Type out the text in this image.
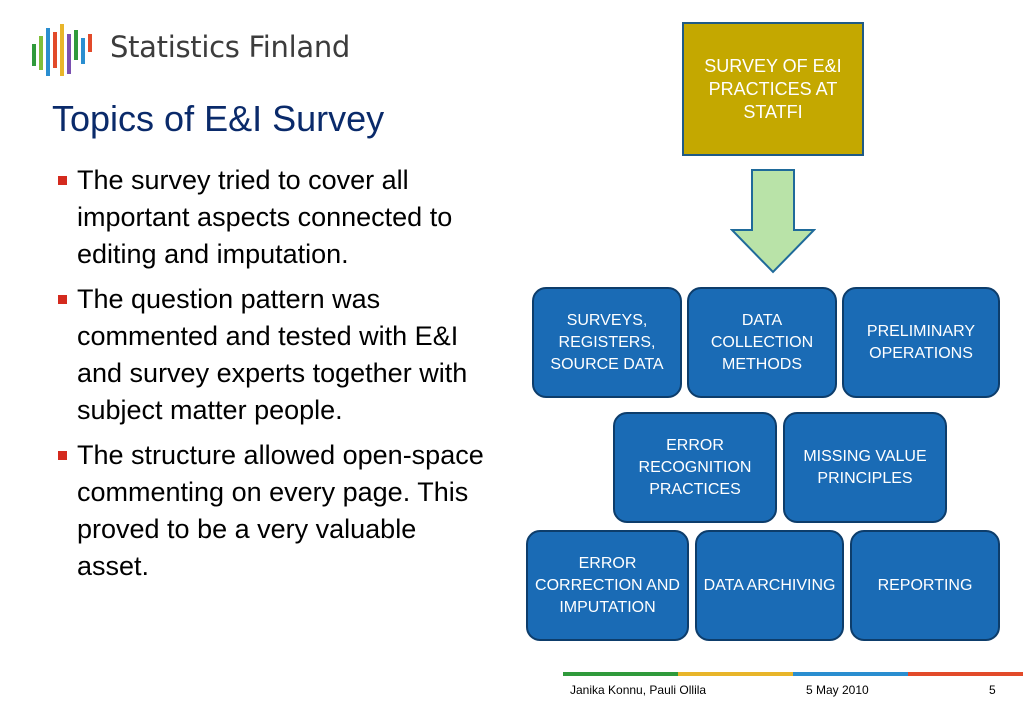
Statistics Finland
Topics of E&I Survey
The survey tried to cover all important aspects connected to editing and imputation.
The question pattern was commented and tested with E&I and survey experts together with subject matter people.
The structure allowed open-space commenting on every page. This proved to be a very valuable asset.
SURVEY OF E&I PRACTICES AT STATFI
SURVEYS, REGISTERS, SOURCE DATA
DATA COLLECTION METHODS
PRELIMINARY OPERATIONS
ERROR RECOGNITION PRACTICES
MISSING VALUE PRINCIPLES
ERROR CORRECTION AND IMPUTATION
DATA ARCHIVING	REPORTING
Janika Konnu, Pauli Ollila	5 May 2010	5
